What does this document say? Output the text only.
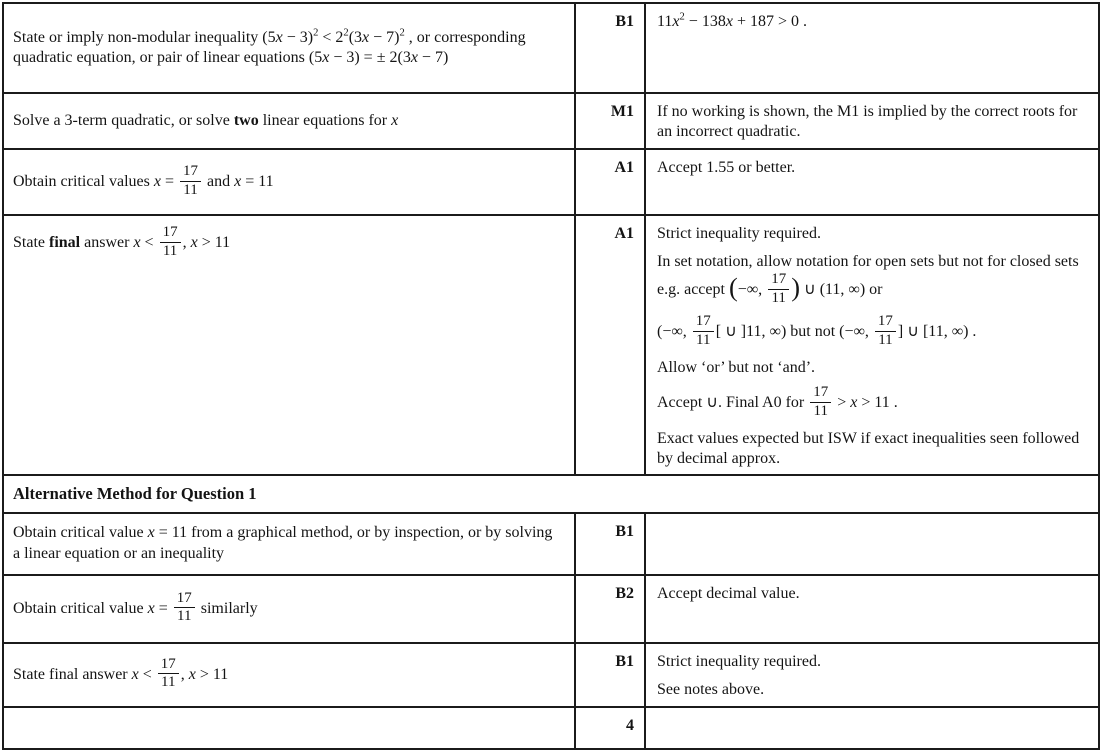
State or imply non-modular inequality $(5x - 3)^2 < 2^2(3x - 7)^2$ , or corresponding quadratic equation, or pair of linear equations (5x − 3) = ± 2(3x − 7)	B1	$11x^2 - 138x + 187 > 0$ .

Solve a 3-term quadratic, or solve two linear equations for x	M1	If no working is shown, the M1 is implied by the correct roots for an incorrect quadratic.

Obtain critical values $x = \frac{17}{11}$ and x = 11	A1	Accept 1.55 or better.

State final answer $x < \frac{17}{11}$ , x > 11	A1	Strict inequality required.
In set notation, allow notation for open sets but not for closed sets e.g. accept (−∞, $\frac{17}{11}$ ) ∪ (11, ∞) or
(−∞, $\frac{17}{11}$ [ ∪ ]11, ∞) but not (−∞, $\frac{17}{11}$ ] ∪ [11, ∞) .
Allow ‘or’ but not ‘and’.
Accept ∪. Final A0 for $\frac{17}{11} > x > 11$ .
Exact values expected but ISW if exact inequalities seen followed by decimal approx.

Alternative Method for Question 1		
Obtain critical value x = 11 from a graphical method, or by inspection, or by solving a linear equation or an inequality	B1	
Obtain critical value $x = \frac{17}{11}$ similarly	B2	Accept decimal value.

State final answer $x < \frac{17}{11}$ , x > 11	B1	Strict inequality required.
See notes above.

	4	
